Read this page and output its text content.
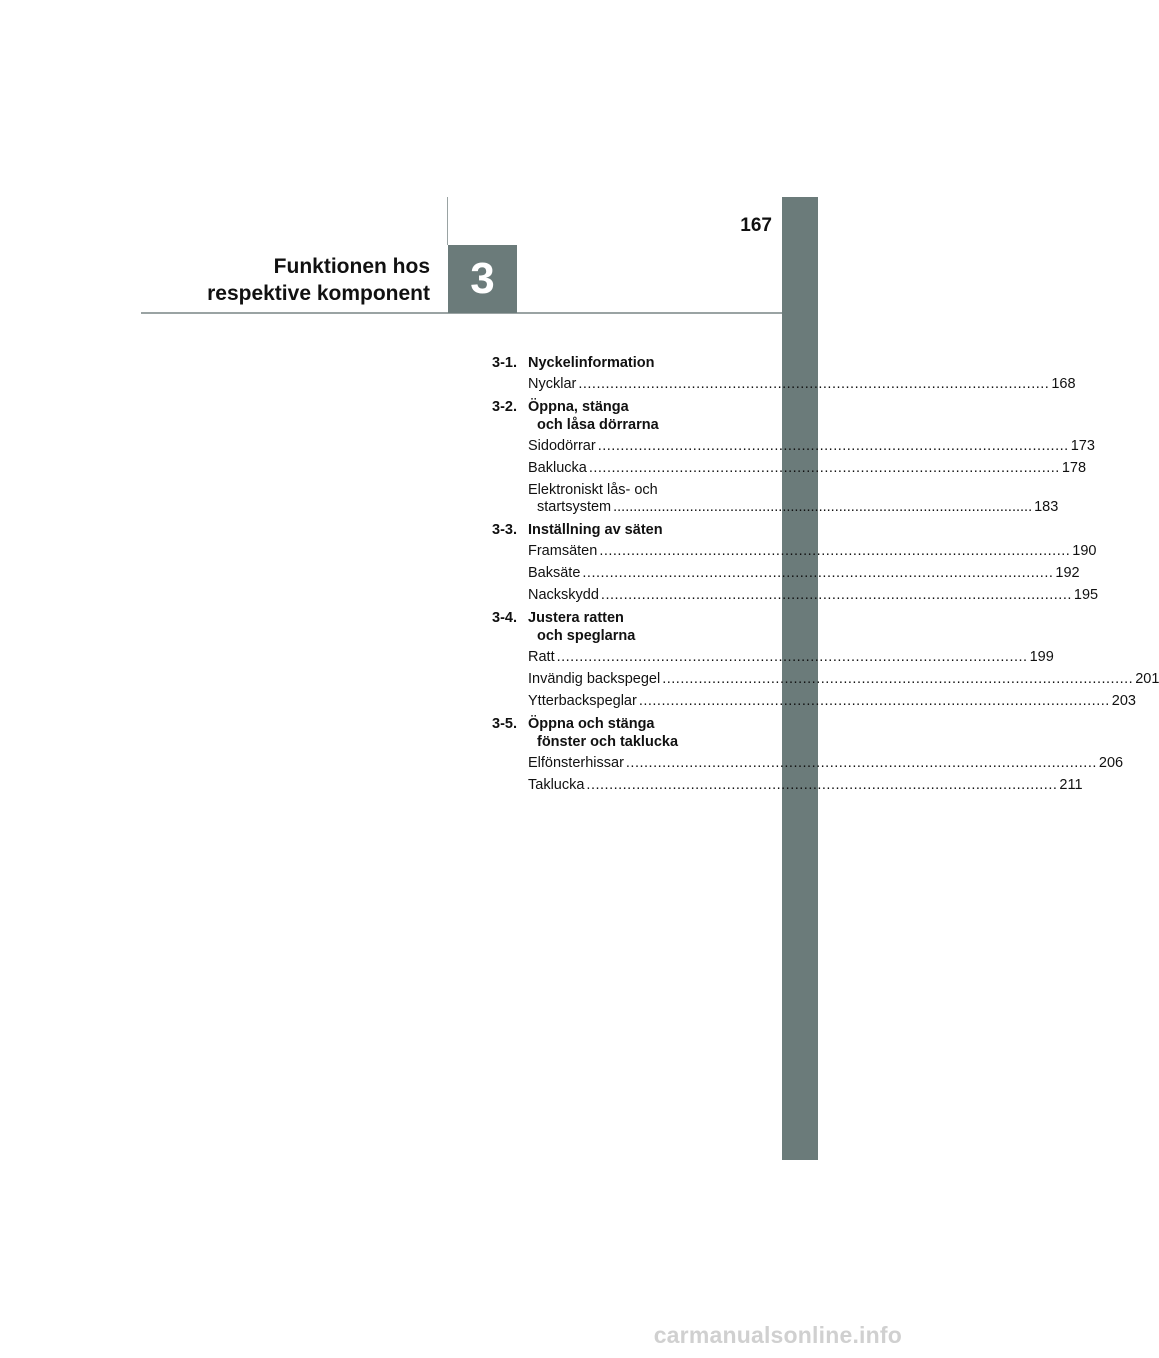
3
167
Funktionen hos
respektive komponent
3-1. Nyckelinformation
Nycklar .....	168
3-2. Öppna, stänga
och låsa dörrarna
Sidodörrar .....	173
Baklucka .....	178
Elektroniskt lås- och
startsystem ........................................................................................................ 183
3-3. Inställning av säten
Framsäten .....	190
Baksäte .....	192
Nackskydd .....	195
3-4. Justera ratten
och speglarna
Ratt .....	199
Invändig backspegel .....	201
Ytterbackspeglar .....	203
3-5. Öppna och stänga
fönster och taklucka
Elfönsterhissar .....	206
Taklucka .....	211
carmanualsonline.info
